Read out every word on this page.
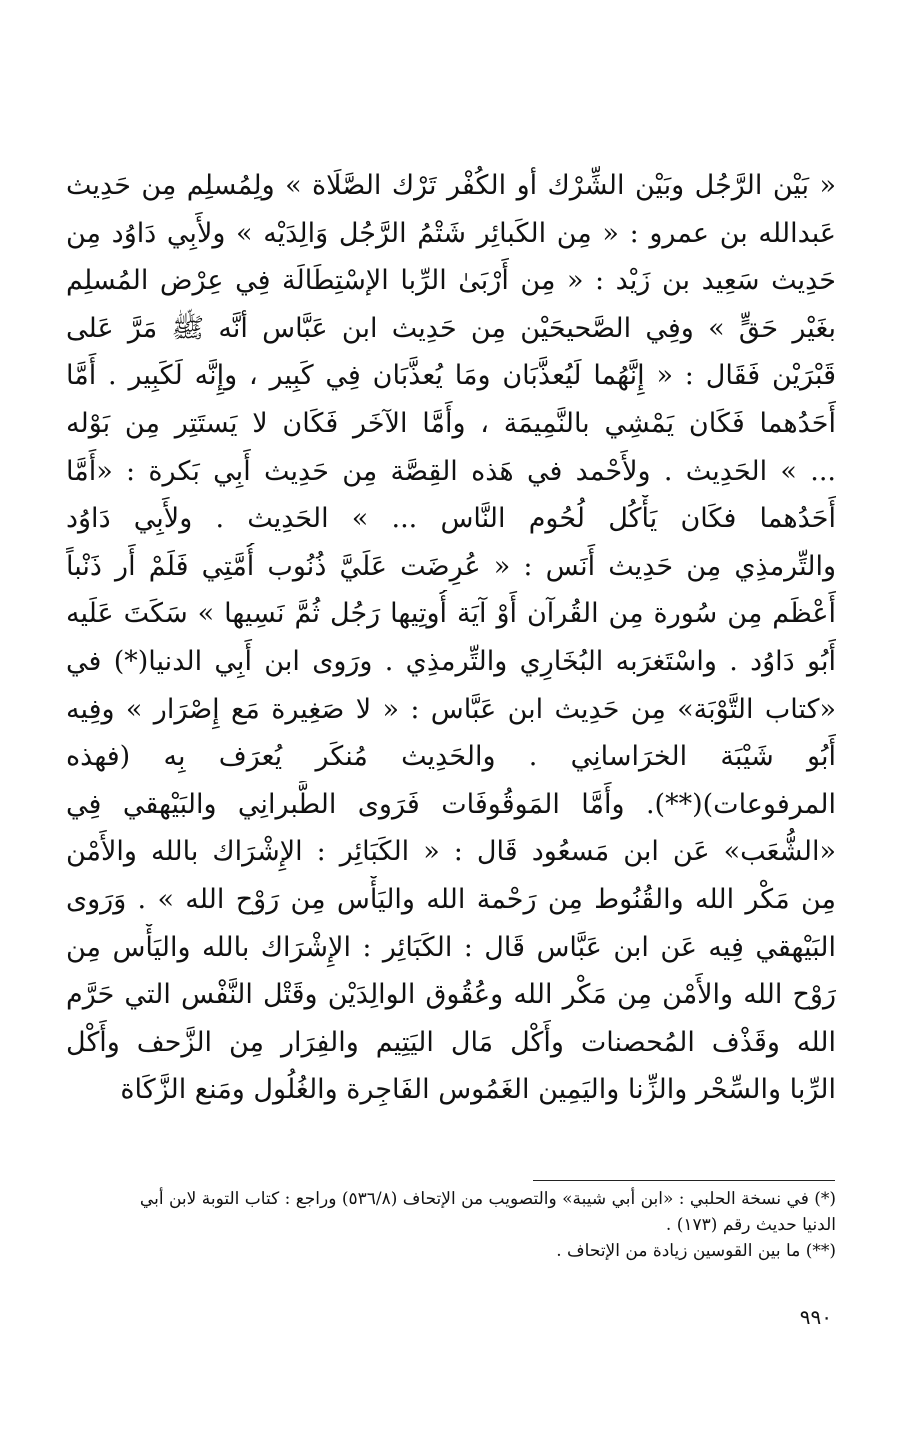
« بَيْن الرَّجُل وبَيْن الشِّرْك أو الكُفْر تَرْك الصَّلَاة » ولِمُسلِم مِن حَدِيث
عَبدالله بن عمرو : « مِن الكَبائِر شَتْمُ الرَّجُل وَالِدَيْه » ولأَبِي دَاوُد مِن
حَدِيث سَعِيد بن زَيْد : « مِن أَرْبَىٰ الرِّبا الإسْتِطَالَة فِي عِرْض المُسلِم
بغَيْر حَقٍّ » وفِي الصَّحيحَيْن مِن حَدِيث ابن عَبَّاس أنَّه ﷺ مَرَّ عَلى
قَبْرَيْن فَقَال : « إِنَّهُما لَيُعذَّبَان ومَا يُعذَّبَان فِي كَبِير ، وإِنَّه لَكَبِير . أَمَّا
أَحَدُهما فَكَان يَمْشِي بالنَّمِيمَة ، وأَمَّا الآخَر فَكَان لا يَستَتِر مِن بَوْله
... » الحَدِيث . ولأَحْمد في هَذه القِصَّة مِن حَدِيث أَبِي بَكرة : «أَمَّا
أَحَدُهما فكَان يَأْكُل لُحُوم النَّاس ... » الحَدِيث . ولأَبِي دَاوُد
والتِّرمذِي مِن حَدِيث أَنَس : « عُرِضَت عَلَيَّ ذُنُوب أُمَّتِي فَلَمْ أَر ذَنْباً
أَعْظَم مِن سُورة مِن القُرآن أَوْ آيَة أُوتِيها رَجُل ثُمَّ نَسِيها » سَكَتَ عَلَيه
أَبُو دَاوُد . واسْتَغرَبه البُخَارِي والتِّرمذِي . ورَوى ابن أَبِي الدنيا(*) في
«كتاب التَّوْبَة» مِن حَدِيث ابن عَبَّاس : « لا صَغِيرة مَع إِصْرَار » وفِيه
أَبُو شَيْبَة الخرَاسانِي . والحَدِيث مُنكَر يُعرَف بِه (فهذه
المرفوعات)(**). وأَمَّا المَوقُوفَات فَرَوى الطَّبرانِي والبَيْهقي فِي
«الشُّعَب» عَن ابن مَسعُود قَال : « الكَبَائِر : الإِشْرَاك بالله والأَمْن
مِن مَكْر الله والقُنُوط مِن رَحْمة الله واليَأْس مِن رَوْح الله » . وَرَوى
البَيْهقي فِيه عَن ابن عَبَّاس قَال : الكَبَائِر : الإِشْرَاك بالله واليَأْس مِن
رَوْح الله والأَمْن مِن مَكْر الله وعُقُوق الوالِدَيْن وقَتْل النَّفْس التي حَرَّم
الله وقَذْف المُحصنات وأَكْل مَال اليَتِيم والفِرَار مِن الزَّحف وأَكْل
الرِّبا والسِّحْر والزِّنا واليَمِين الغَمُوس الفَاجِرة والغُلُول ومَنع الزَّكَاة
(*) في نسخة الحلبي : «ابن أبي شيبة» والتصويب من الإتحاف (٥٣٦/٨) وراجع : كتاب التوبة لابن أبي
الدنيا حديث رقم (١٧٣) .
(**) ما بين القوسين زيادة من الإتحاف .
٩٩٠
